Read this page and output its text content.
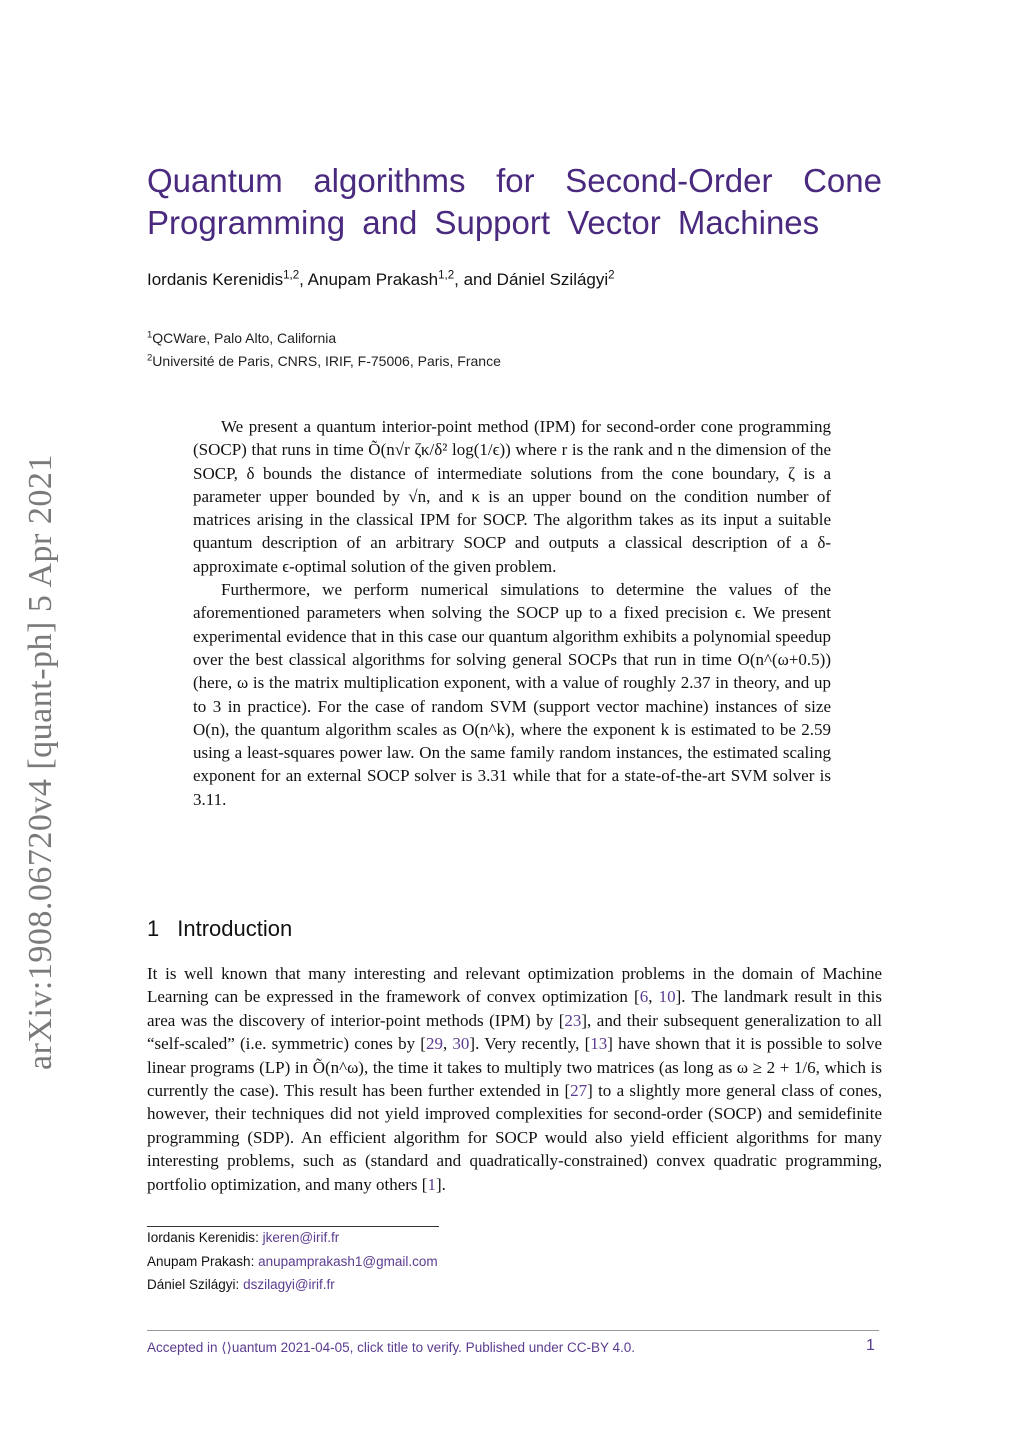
arXiv:1908.06720v4 [quant-ph] 5 Apr 2021
Quantum algorithms for Second-Order Cone Programming and Support Vector Machines

Iordanis Kerenidis$^{1,2}$, Anupam Prakash$^{1,2}$, and Dániel Szilágyi$^2$

$^1$QCWare, Palo Alto, California

$^2$Université de Paris, CNRS, IRIF, F-75006, Paris, France

We present a quantum interior-point method (IPM) for second-order cone programming (SOCP) that runs in time Õ(n√r ζκ/δ² log(1/ϵ)) where r is the rank and n the dimension of the SOCP, δ bounds the distance of intermediate solutions from the cone boundary, ζ is a parameter upper bounded by √n, and κ is an upper bound on the condition number of matrices arising in the classical IPM for SOCP. The algorithm takes as its input a suitable quantum description of an arbitrary SOCP and outputs a classical description of a δ-approximate ϵ-optimal solution of the given problem.

Furthermore, we perform numerical simulations to determine the values of the aforementioned parameters when solving the SOCP up to a fixed precision ϵ. We present experimental evidence that in this case our quantum algorithm exhibits a polynomial speedup over the best classical algorithms for solving general SOCPs that run in time O(n^(ω+0.5)) (here, ω is the matrix multiplication exponent, with a value of roughly 2.37 in theory, and up to 3 in practice). For the case of random SVM (support vector machine) instances of size O(n), the quantum algorithm scales as O(n^k), where the exponent k is estimated to be 2.59 using a least-squares power law. On the same family random instances, the estimated scaling exponent for an external SOCP solver is 3.31 while that for a state-of-the-art SVM solver is 3.11.

1 Introduction

It is well known that many interesting and relevant optimization problems in the domain of Machine Learning can be expressed in the framework of convex optimization [6, 10]. The landmark result in this area was the discovery of interior-point methods (IPM) by [23], and their subsequent generalization to all “self-scaled” (i.e. symmetric) cones by [29, 30]. Very recently, [13] have shown that it is possible to solve linear programs (LP) in Õ(n^ω), the time it takes to multiply two matrices (as long as ω ≥ 2 + 1/6, which is currently the case). This result has been further extended in [27] to a slightly more general class of cones, however, their techniques did not yield improved complexities for second-order (SOCP) and semidefinite programming (SDP). An efficient algorithm for SOCP would also yield efficient algorithms for many interesting problems, such as (standard and quadratically-constrained) convex quadratic programming, portfolio optimization, and many others [1].

Iordanis Kerenidis: jkeren@irif.fr

Anupam Prakash: anupamprakash1@gmail.com

Dániel Szilágyi: dszilagyi@irif.fr

Accepted in ⟨⟩uantum 2021-04-05, click title to verify. Published under CC-BY 4.0.	1
